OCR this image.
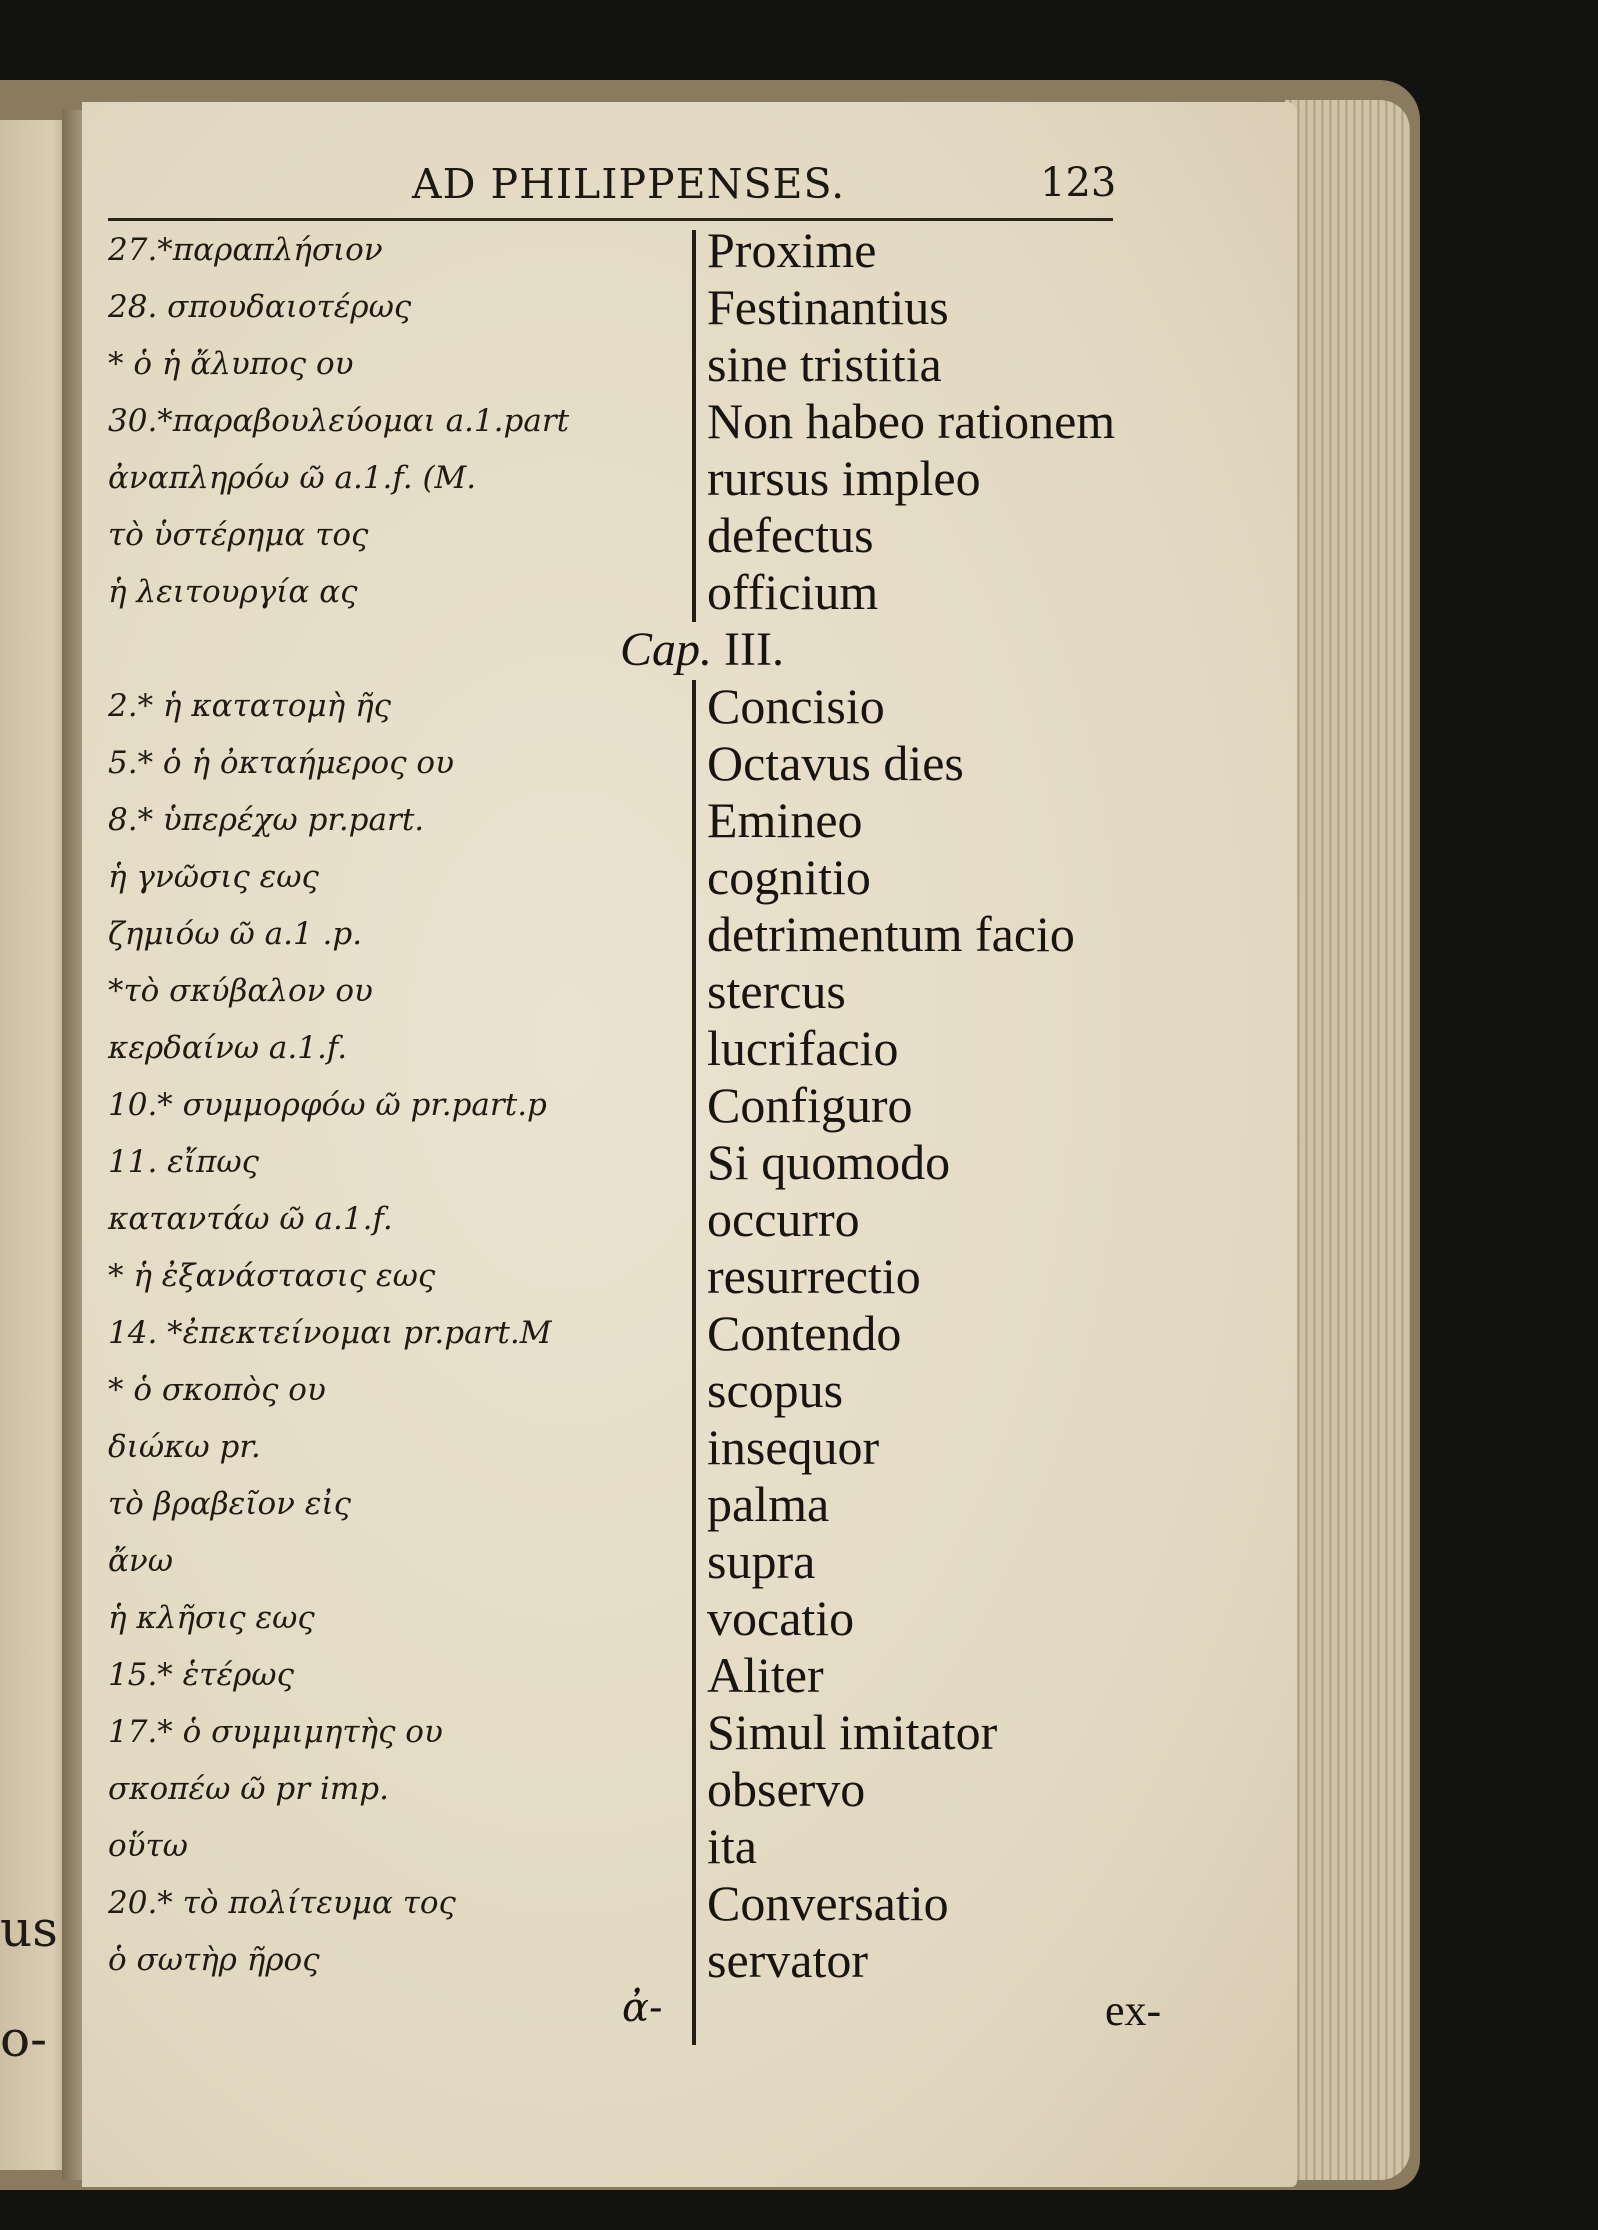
us
o-
AD PHILIPPENSES.	123
27.*παραπλήσιον	Proxime
28. σπουδαιοτέρως	Festinantius
* ὁ ἡ ἄλυπος ου	sine tristitia
30.*παραβουλεύομαι a.1.part	Non habeo rationem
ἀναπληρόω ῶ a.1.f. (M.	rursus impleo
τὸ ὑστέρημα τος	defectus
ἡ λειτουργία ας	officium
Cap. III.
2.* ἡ κατατομὴ ῆς	Concisio
5.* ὁ ἡ ὀκταήμερος ου	Octavus dies
8.* ὑπερέχω pr.part.	Emineo
ἡ γνῶσις εως	cognitio
ζημιόω ῶ a.1 .p.	detrimentum facio
*τὸ σκύβαλον ου	stercus
κερδαίνω a.1.f.	lucrifacio
10.* συμμορφόω ῶ pr.part.p	Configuro
11. εἴπως	Si quomodo
καταντάω ῶ a.1.f.	occurro
* ἡ ἐξανάστασις εως	resurrectio
14. *ἐπεκτείνομαι pr.part.M	Contendo
* ὁ σκοπὸς ου	scopus
διώκω pr.	insequor
τὸ βραβεῖον εἰς	palma
ἄνω	supra
ἡ κλῆσις εως	vocatio
15.* ἑτέρως	Aliter
17.* ὁ συμμιμητὴς ου	Simul imitator
σκοπέω ῶ pr imp.	observo
οὕτω	ita
20.* τὸ πολίτευμα τος	Conversatio
ὁ σωτὴρ ῆρος	servator
ἀ-	ex-
